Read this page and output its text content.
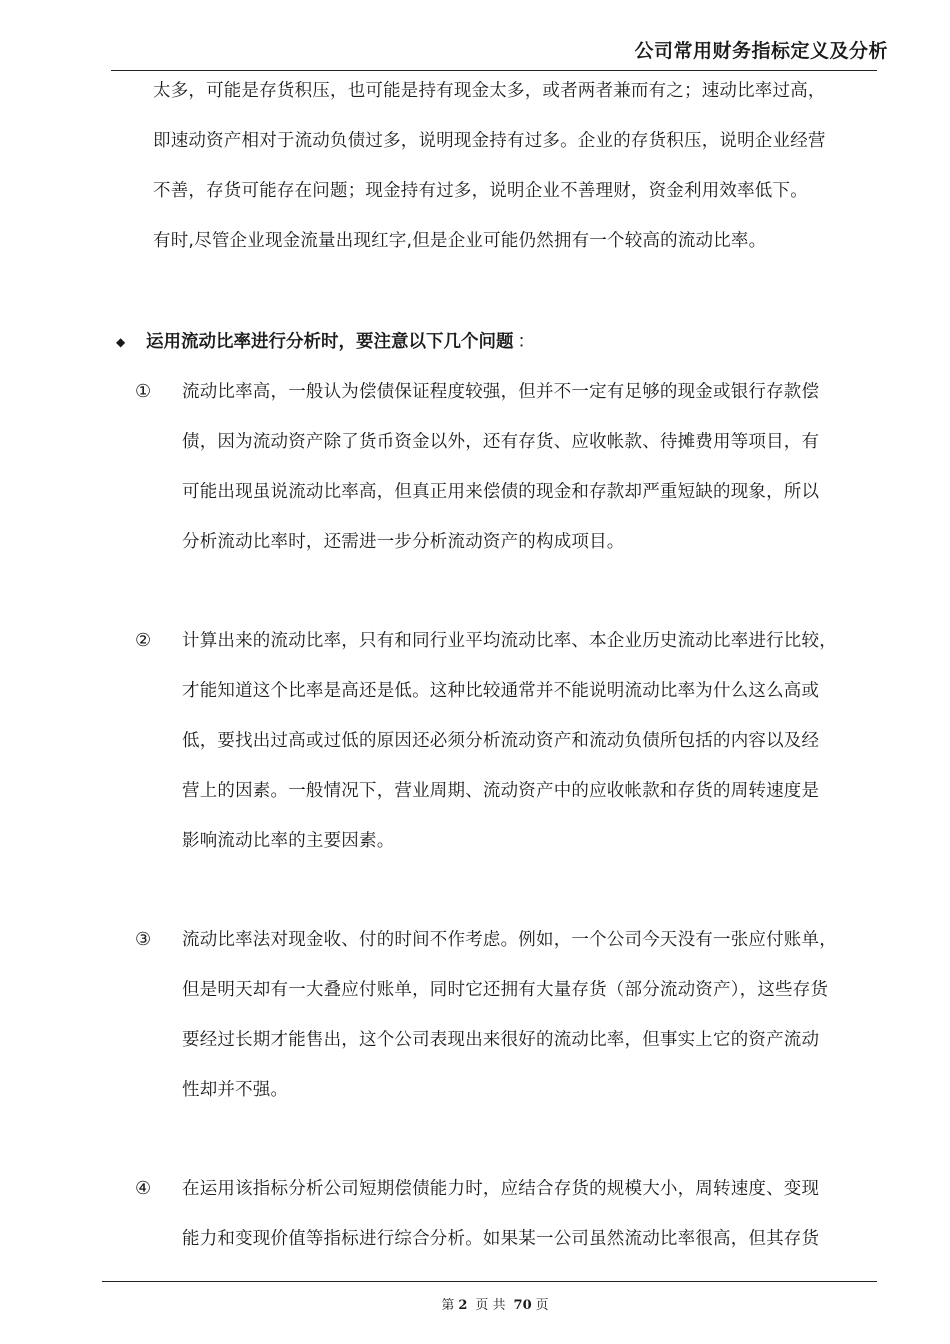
公司常用财务指标定义及分析
太多，可能是存货积压，也可能是持有现金太多，或者两者兼而有之；速动比率过高，
即速动资产相对于流动负债过多，说明现金持有过多。企业的存货积压，说明企业经营
不善，存货可能存在问题；现金持有过多，说明企业不善理财，资金利用效率低下。
有时,尽管企业现金流量出现红字,但是企业可能仍然拥有一个较高的流动比率。
◆ 运用流动比率进行分析时，要注意以下几个问题 ：
① 流动比率高，一般认为偿债保证程度较强，但并不一定有足够的现金或银行存款偿
债，因为流动资产除了货币资金以外，还有存货、应收帐款、待摊费用等项目，有
可能出现虽说流动比率高，但真正用来偿债的现金和存款却严重短缺的现象，所以
分析流动比率时，还需进一步分析流动资产的构成项目。
② 计算出来的流动比率，只有和同行业平均流动比率、本企业历史流动比率进行比较，
才能知道这个比率是高还是低。这种比较通常并不能说明流动比率为什么这么高或
低，要找出过高或过低的原因还必须分析流动资产和流动负债所包括的内容以及经
营上的因素。一般情况下，营业周期、流动资产中的应收帐款和存货的周转速度是
影响流动比率的主要因素。
③ 流动比率法对现金收、付的时间不作考虑。例如，一个公司今天没有一张应付账单，
但是明天却有一大叠应付账单，同时它还拥有大量存货（部分流动资产），这些存货
要经过长期才能售出，这个公司表现出来很好的流动比率，但事实上它的资产流动
性却并不强。
④ 在运用该指标分析公司短期偿债能力时，应结合存货的规模大小，周转速度、变现
能力和变现价值等指标进行综合分析。如果某一公司虽然流动比率很高，但其存货
第 2 页 共 70 页
